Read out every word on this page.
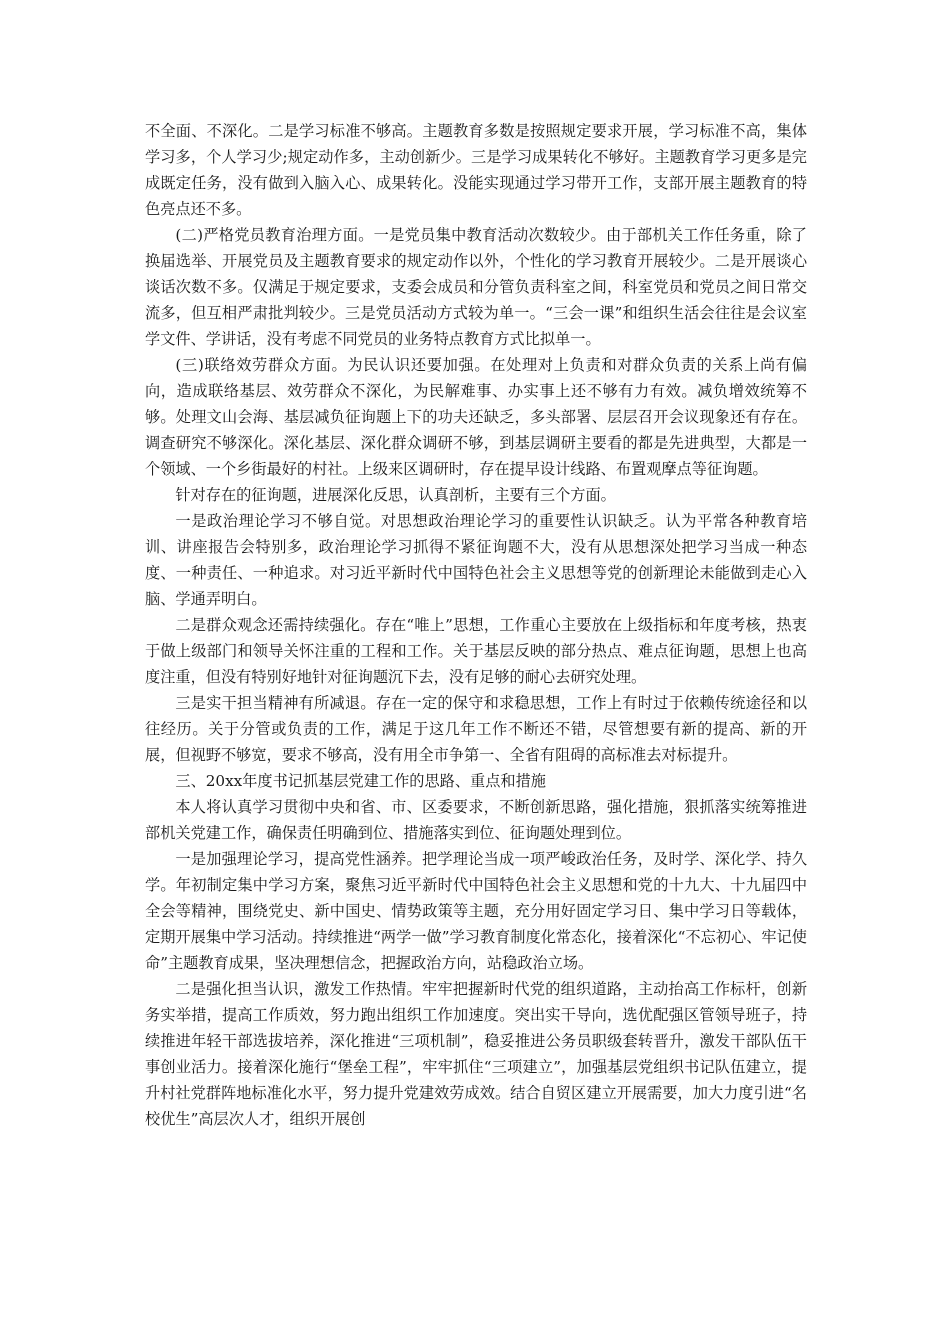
不全面、不深化。二是学习标准不够高。主题教育多数是按照规定要求开展，学习标准不高，集体学习多，个人学习少;规定动作多，主动创新少。三是学习成果转化不够好。主题教育学习更多是完成既定任务，没有做到入脑入心、成果转化。没能实现通过学习带开工作，支部开展主题教育的特色亮点还不多。

(二)严格党员教育治理方面。一是党员集中教育活动次数较少。由于部机关工作任务重，除了换届选举、开展党员及主题教育要求的规定动作以外，个性化的学习教育开展较少。二是开展谈心谈话次数不多。仅满足于规定要求，支委会成员和分管负责科室之间，科室党员和党员之间日常交流多，但互相严肃批判较少。三是党员活动方式较为单一。“三会一课”和组织生活会往往是会议室学文件、学讲话，没有考虑不同党员的业务特点教育方式比拟单一。

(三)联络效劳群众方面。为民认识还要加强。在处理对上负责和对群众负责的关系上尚有偏向，造成联络基层、效劳群众不深化，为民解难事、办实事上还不够有力有效。减负增效统筹不够。处理文山会海、基层减负征询题上下的功夫还缺乏，多头部署、层层召开会议现象还有存在。调查研究不够深化。深化基层、深化群众调研不够，到基层调研主要看的都是先进典型，大都是一个领域、一个乡街最好的村社。上级来区调研时，存在提早设计线路、布置观摩点等征询题。

针对存在的征询题，进展深化反思，认真剖析，主要有三个方面。

一是政治理论学习不够自觉。对思想政治理论学习的重要性认识缺乏。认为平常各种教育培训、讲座报告会特别多，政治理论学习抓得不紧征询题不大，没有从思想深处把学习当成一种态度、一种责任、一种追求。对习近平新时代中国特色社会主义思想等党的创新理论未能做到走心入脑、学通弄明白。

二是群众观念还需持续强化。存在“唯上”思想，工作重心主要放在上级指标和年度考核，热衷于做上级部门和领导关怀注重的工程和工作。关于基层反映的部分热点、难点征询题，思想上也高度注重，但没有特别好地针对征询题沉下去，没有足够的耐心去研究处理。

三是实干担当精神有所减退。存在一定的保守和求稳思想，工作上有时过于依赖传统途径和以往经历。关于分管或负责的工作，满足于这几年工作不断还不错，尽管想要有新的提高、新的开展，但视野不够宽，要求不够高，没有用全市争第一、全省有阻碍的高标准去对标提升。

三、20xx年度书记抓基层党建工作的思路、重点和措施

本人将认真学习贯彻中央和省、市、区委要求，不断创新思路，强化措施，狠抓落实统筹推进部机关党建工作，确保责任明确到位、措施落实到位、征询题处理到位。

一是加强理论学习，提高党性涵养。把学理论当成一项严峻政治任务，及时学、深化学、持久学。年初制定集中学习方案，聚焦习近平新时代中国特色社会主义思想和党的十九大、十九届四中全会等精神，围绕党史、新中国史、情势政策等主题，充分用好固定学习日、集中学习日等载体，定期开展集中学习活动。持续推进“两学一做”学习教育制度化常态化，接着深化“不忘初心、牢记使命”主题教育成果，坚决理想信念，把握政治方向，站稳政治立场。

二是强化担当认识，激发工作热情。牢牢把握新时代党的组织道路，主动抬高工作标杆，创新务实举措，提高工作质效，努力跑出组织工作加速度。突出实干导向，选优配强区管领导班子，持续推进年轻干部选拔培养，深化推进“三项机制”，稳妥推进公务员职级套转晋升，激发干部队伍干事创业活力。接着深化施行“堡垒工程”，牢牢抓住“三项建立”，加强基层党组织书记队伍建立，提升村社党群阵地标准化水平，努力提升党建效劳成效。结合自贸区建立开展需要，加大力度引进“名校优生”高层次人才，组织开展创
